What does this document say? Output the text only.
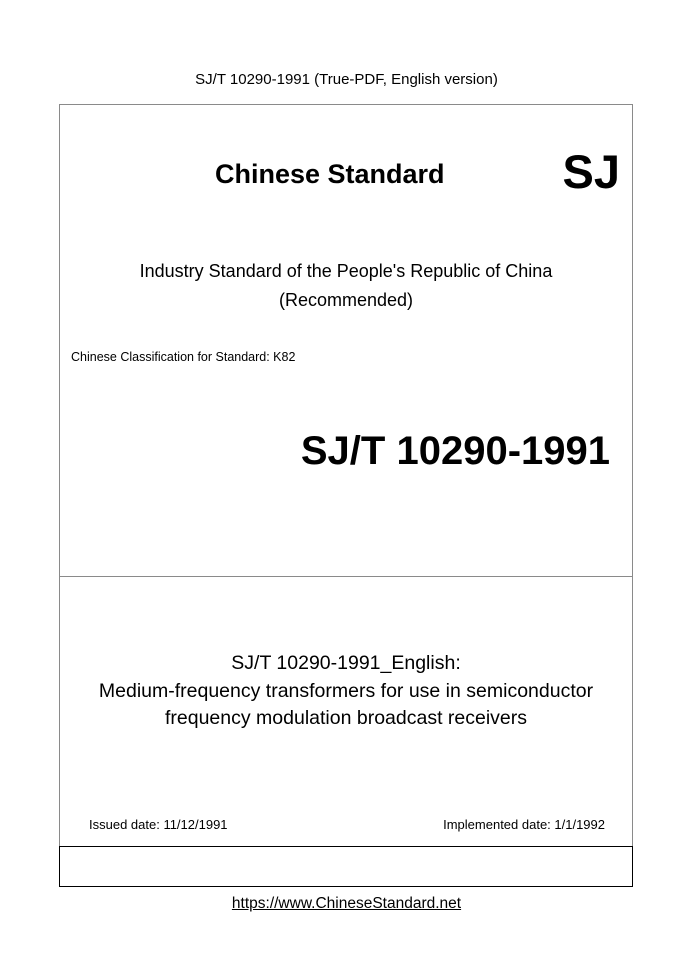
SJ/T 10290-1991 (True-PDF, English version)
Chinese Standard	SJ
Industry Standard of the People's Republic of China
(Recommended)
Chinese Classification for Standard: K82
SJ/T 10290-1991
SJ/T 10290-1991_English:
Medium-frequency transformers for use in semiconductor
frequency modulation broadcast receivers
Issued date: 11/12/1991	Implemented date: 1/1/1992
https://www.ChineseStandard.net
